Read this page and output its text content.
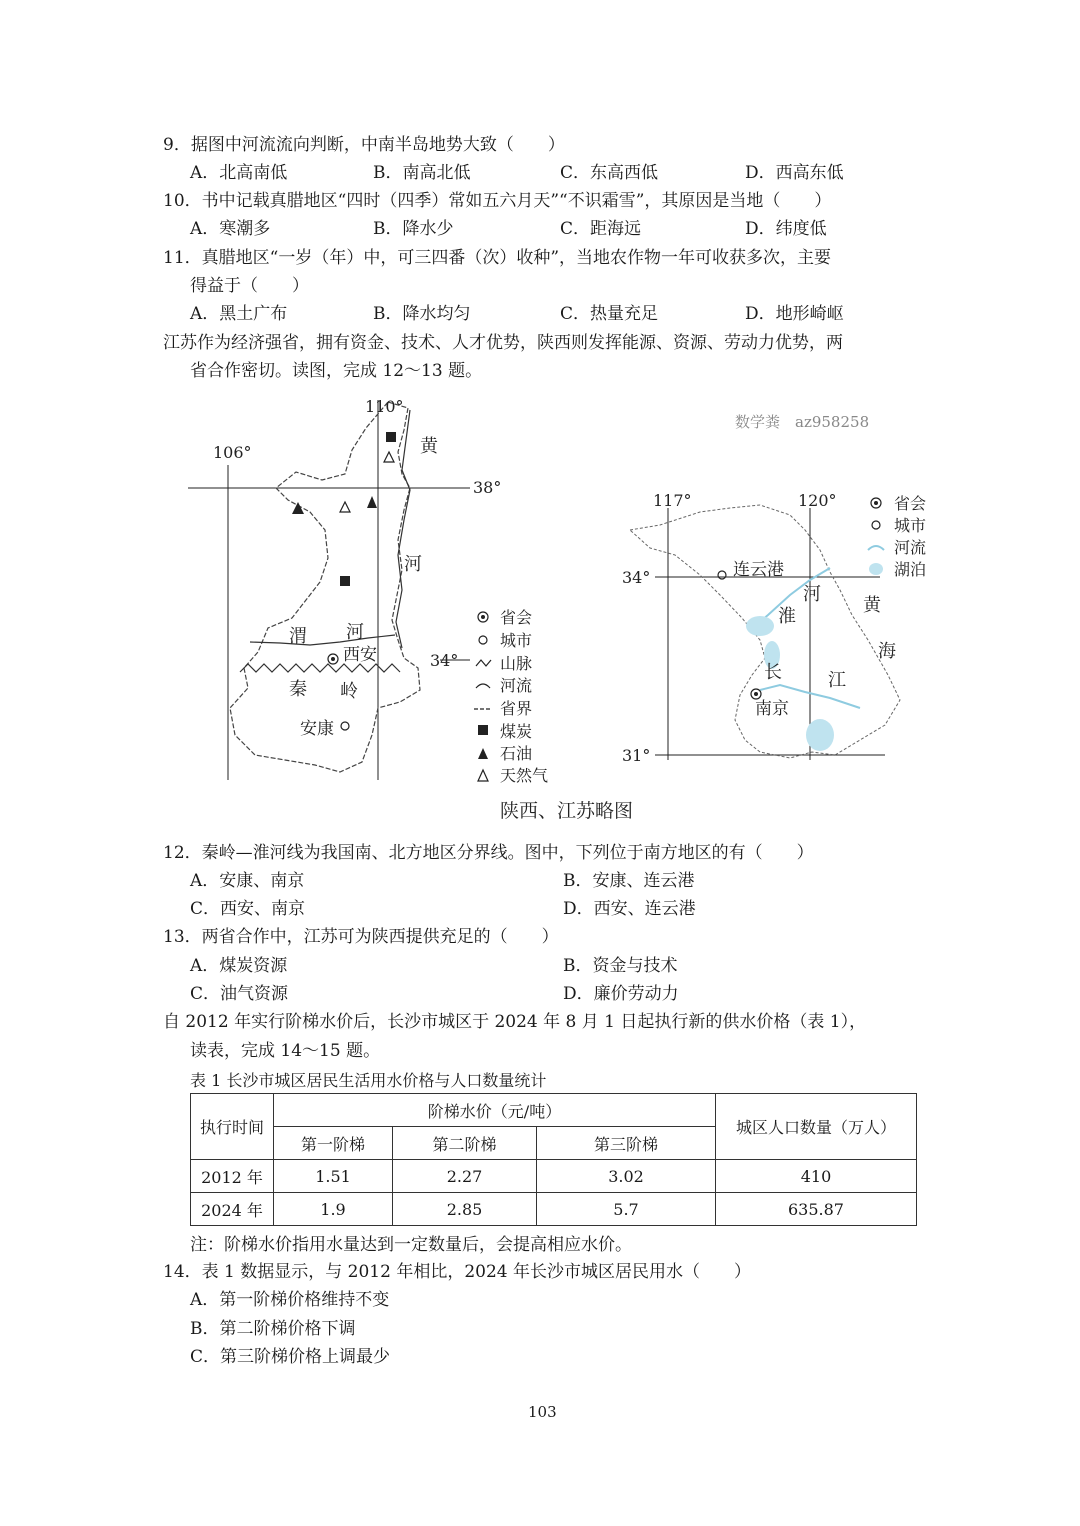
9．据图中河流流向判断，中南半岛地势大致（　　）
A．北高南低	B．南高北低	C．东高西低	D．西高东低
10．书中记载真腊地区“四时（四季）常如五六月天”“不识霜雪”，其原因是当地（　　）
A．寒潮多	B．降水少	C．距海远	D．纬度低
11．真腊地区“一岁（年）中，可三四番（次）收种”，当地农作物一年可收获多次，主要
得益于（　　）
A．黑土广布	B．降水均匀	C．热量充足	D．地形崎岖
江苏作为经济强省，拥有资金、技术、人才优势，陕西则发挥能源、资源、劳动力优势，两
省合作密切。读图，完成 12～13 题。
数学粪　az958258
110°
106°
38°
34°
黄
河
渭 河
西安
秦 岭
安康
省会
城市
山脉
河流
省界
煤炭
石油
天然气
117°	120°
34°
31°
连云港
淮
河
长	江
南京
黄
海
省会
城市
河流
湖泊
陕西、江苏略图
12．秦岭—淮河线为我国南、北方地区分界线。图中，下列位于南方地区的有（　　）
A．安康、南京	B．安康、连云港
C．西安、南京	D．西安、连云港
13．两省合作中，江苏可为陕西提供充足的（　　）
A．煤炭资源	B．资金与技术
C．油气资源	D．廉价劳动力
自 2012 年实行阶梯水价后，长沙市城区于 2024 年 8 月 1 日起执行新的供水价格（表 1），
读表，完成 14～15 题。
表 1 长沙市城区居民生活用水价格与人口数量统计
执行时间	阶梯水价（元/吨）			城区人口数量（万人）
	第一阶梯	第二阶梯	第三阶梯	
2012 年	1.51	2.27	3.02	410
2024 年	1.9	2.85	5.7	635.87
注：阶梯水价指用水量达到一定数量后，会提高相应水价。
14．表 1 数据显示，与 2012 年相比，2024 年长沙市城区居民用水（　　）
A．第一阶梯价格维持不变
B．第二阶梯价格下调
C．第三阶梯价格上调最少
103
